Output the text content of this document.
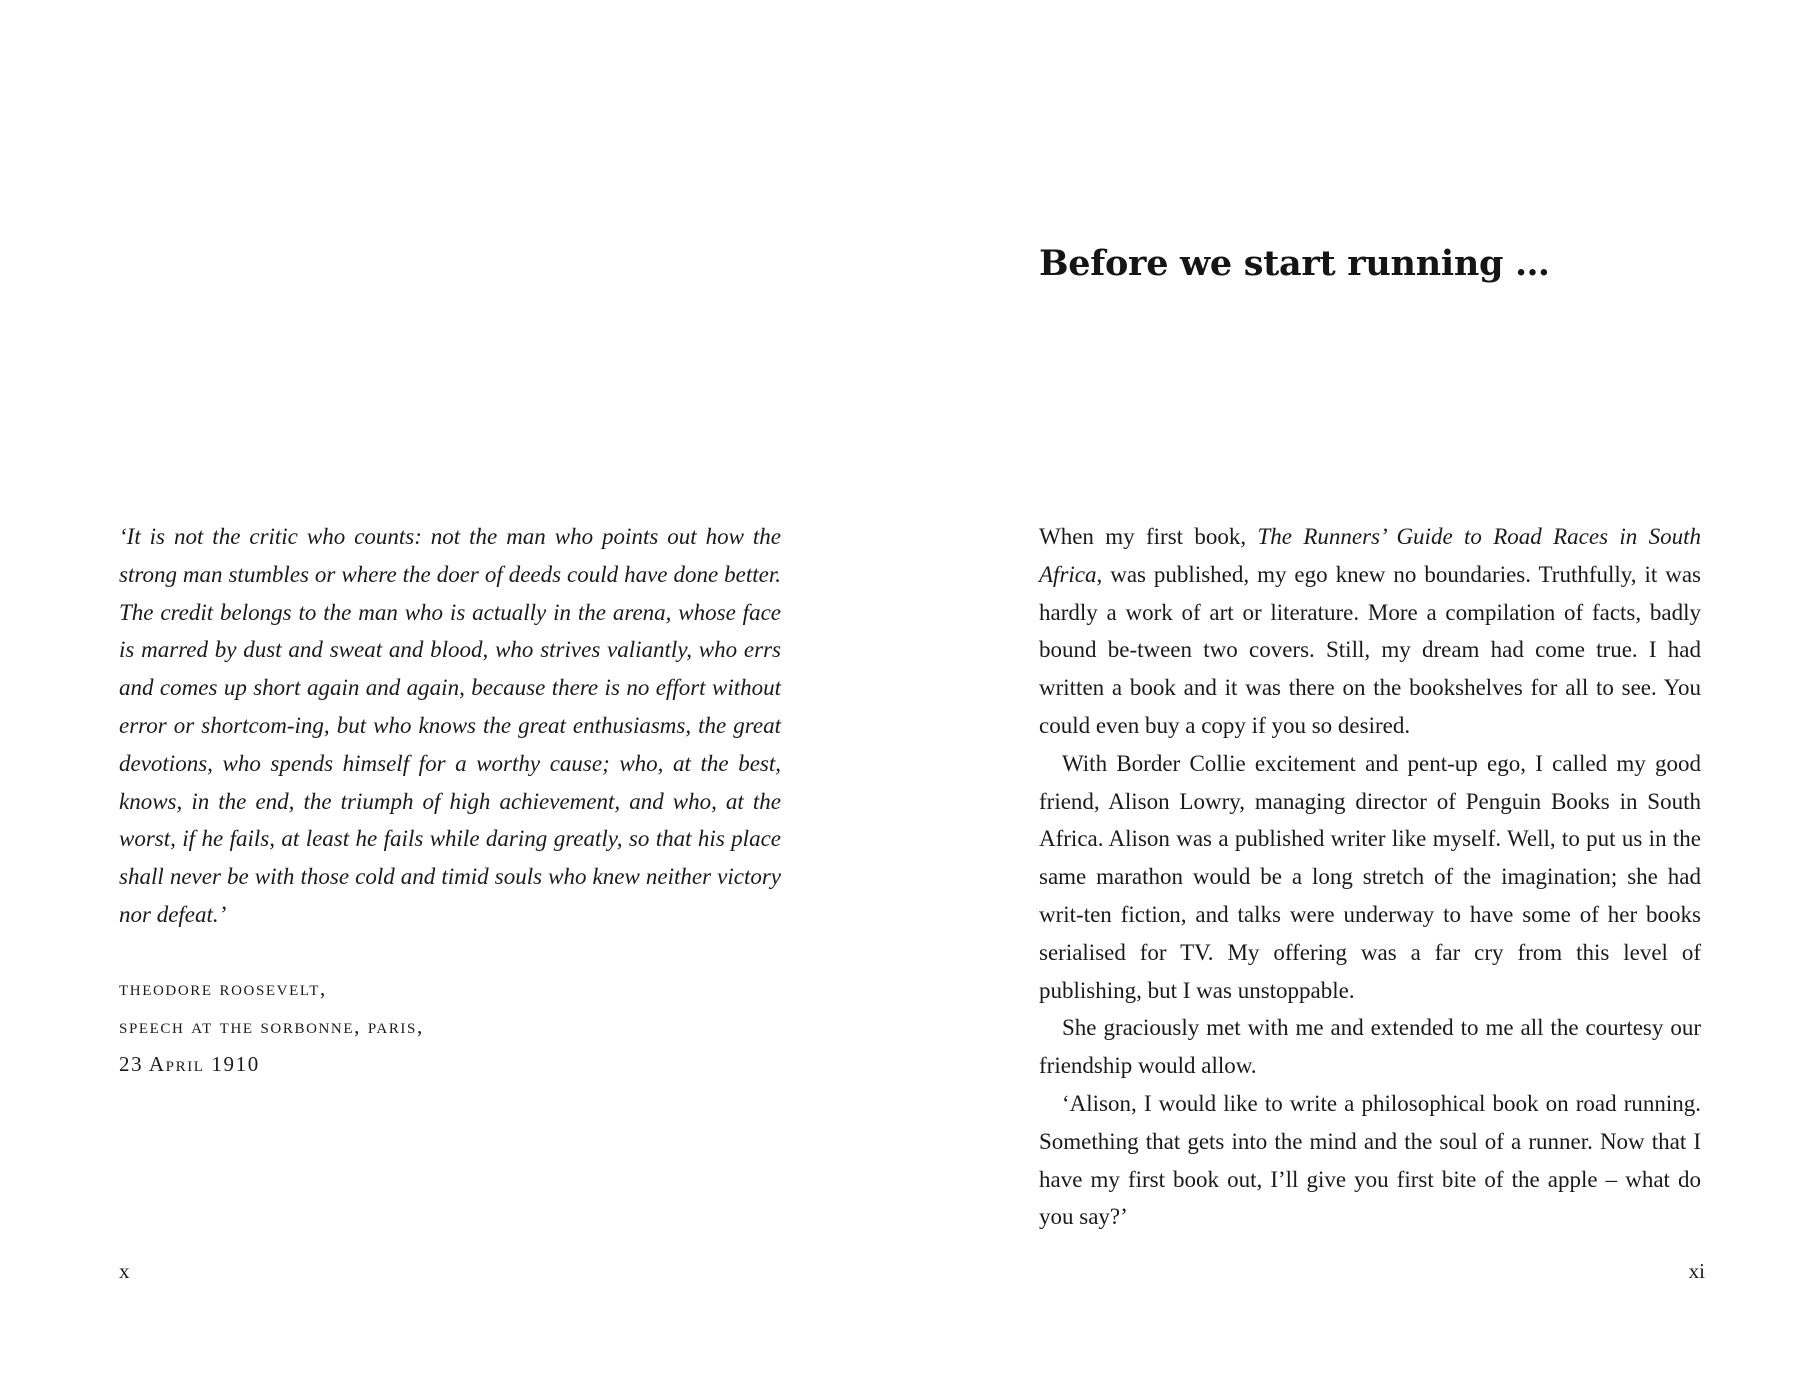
‘It is not the critic who counts: not the man who points out how the strong man stumbles or where the doer of deeds could have done better. The credit belongs to the man who is actually in the arena, whose face is marred by dust and sweat and blood, who strives valiantly, who errs and comes up short again and again, because there is no effort without error or shortcom-ing, but who knows the great enthusiasms, the great devotions, who spends himself for a worthy cause; who, at the best, knows, in the end, the triumph of high achievement, and who, at the worst, if he fails, at least he fails while daring greatly, so that his place shall never be with those cold and timid souls who knew neither victory nor defeat.’

theodore roosevelt,
speech at the sorbonne, paris,
23 April 1910
x
Before we start running …

When my first book, The Runners’ Guide to Road Races in South Africa, was published, my ego knew no boundaries. Truthfully, it was hardly a work of art or literature. More a compilation of facts, badly bound be-tween two covers. Still, my dream had come true. I had written a book and it was there on the bookshelves for all to see. You could even buy a copy if you so desired.

With Border Collie excitement and pent-up ego, I called my good friend, Alison Lowry, managing director of Penguin Books in South Africa. Alison was a published writer like myself. Well, to put us in the same marathon would be a long stretch of the imagination; she had writ-ten fiction, and talks were underway to have some of her books serialised for TV. My offering was a far cry from this level of publishing, but I was unstoppable.

She graciously met with me and extended to me all the courtesy our friendship would allow.

‘Alison, I would like to write a philosophical book on road running. Something that gets into the mind and the soul of a runner. Now that I have my first book out, I’ll give you first bite of the apple – what do you say?’

xi
